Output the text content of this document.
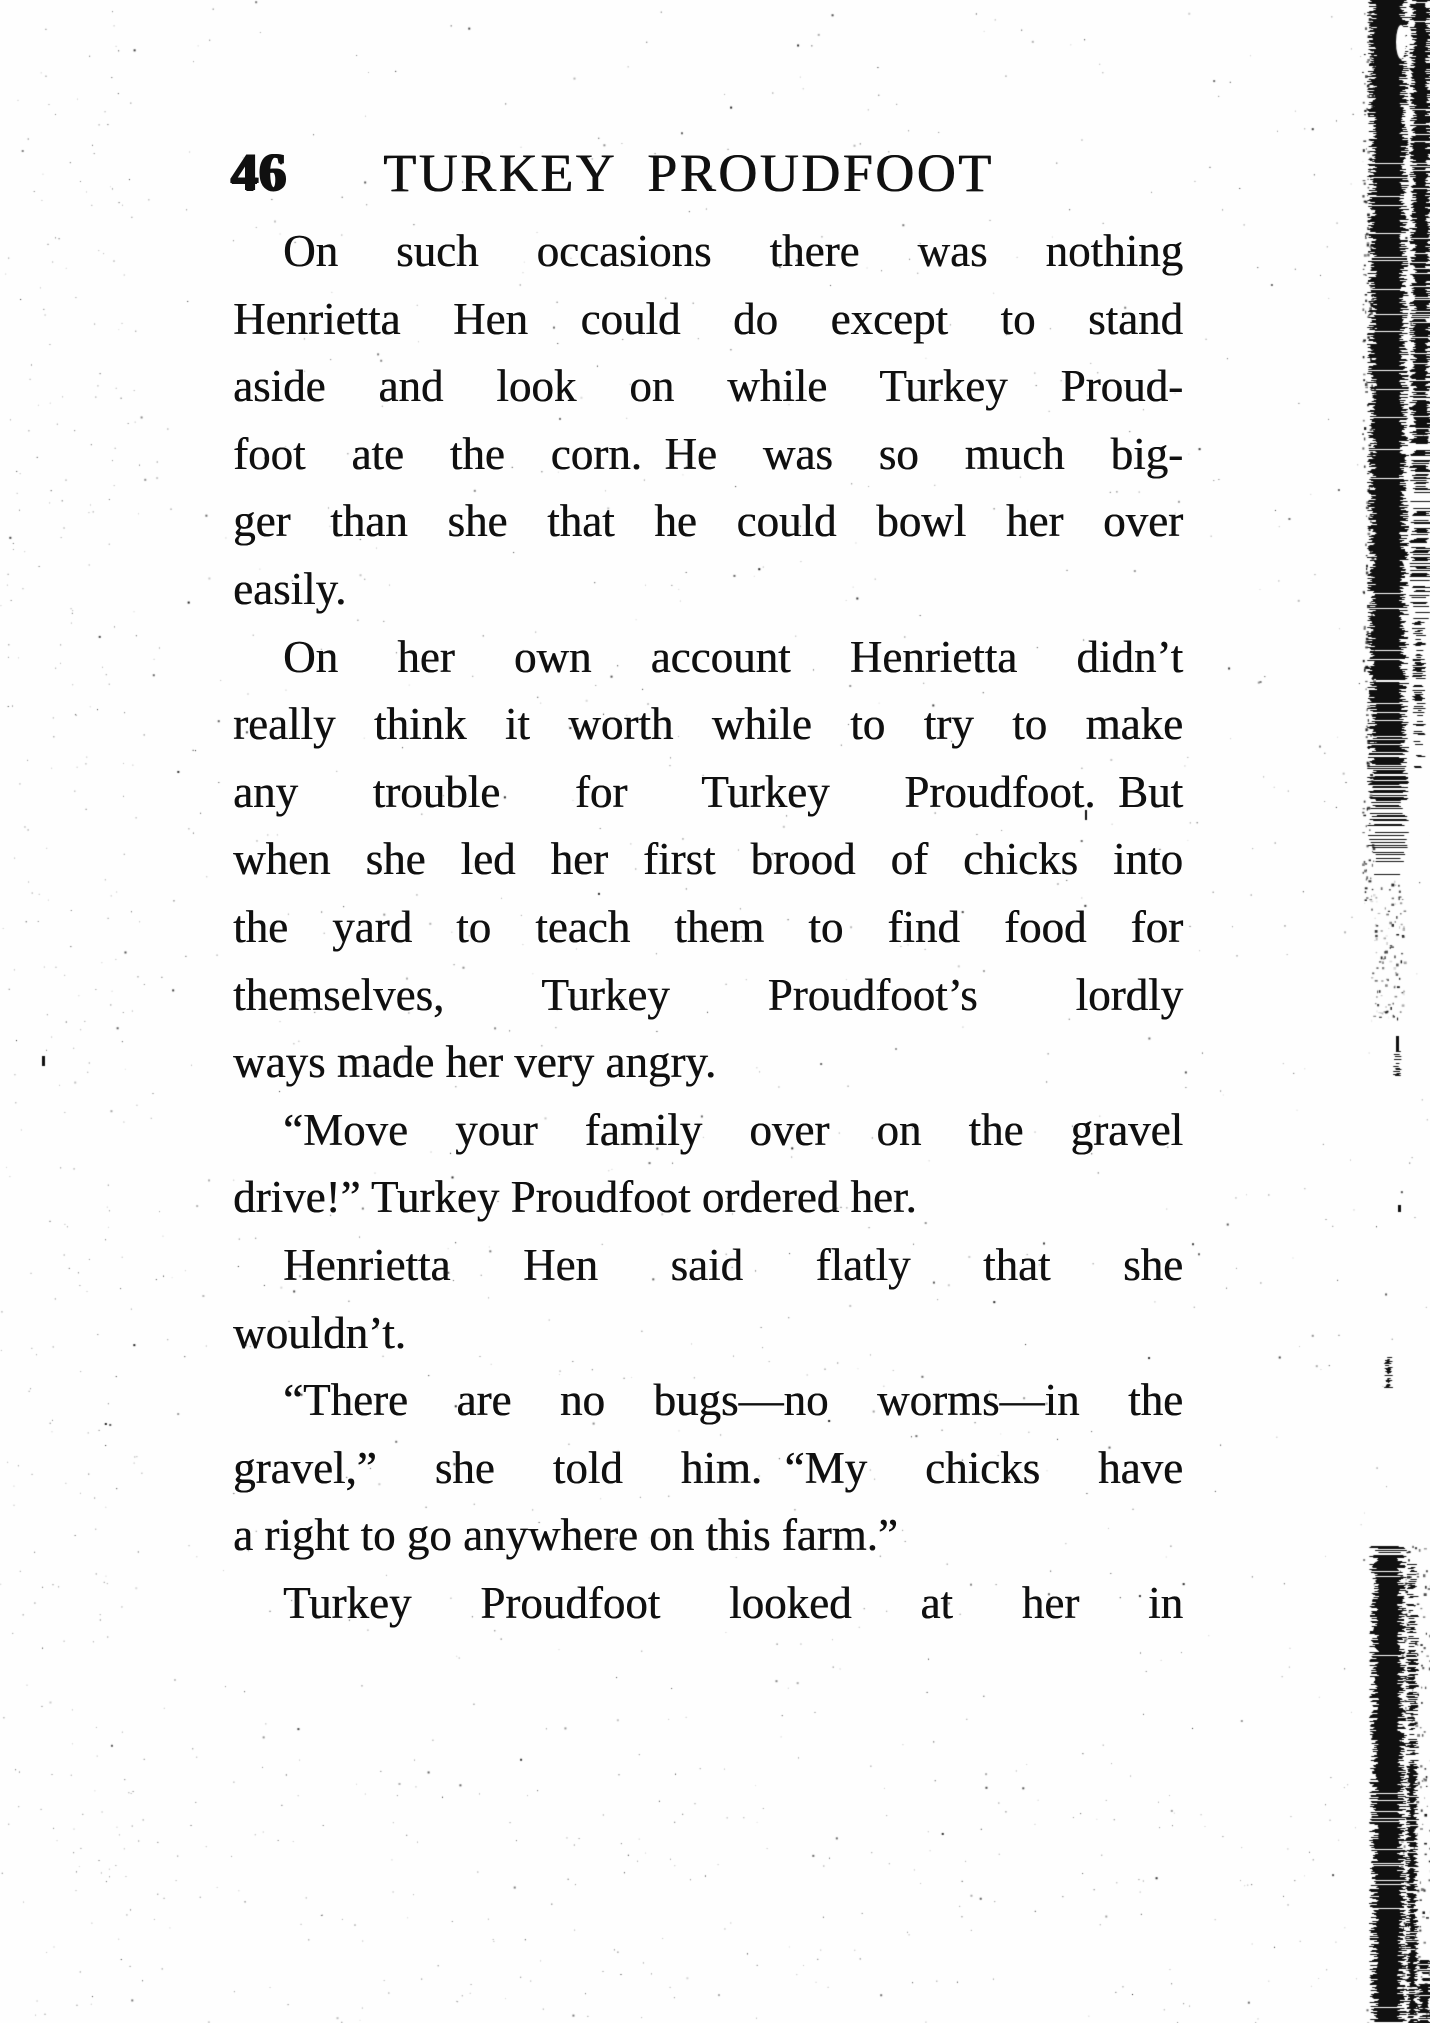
46 TURKEY PROUDFOOT
On such occasions there was nothing
Henrietta Hen could do except to stand
aside and look on while Turkey Proud-
foot ate the corn. He was so much big-
ger than she that he could bowl her over
easily.
On her own account Henrietta didn’t
really think it worth while to try to make
any trouble for Turkey Proudfoot. But
when she led her first brood of chicks into
the yard to teach them to find food for
themselves, Turkey Proudfoot’s lordly
ways made her very angry.
“Move your family over on the gravel
drive!” Turkey Proudfoot ordered her.
Henrietta Hen said flatly that she
wouldn’t.
“There are no bugs—no worms—in the
gravel,” she told him. “My chicks have
a right to go anywhere on this farm.”
Turkey Proudfoot looked at her in
